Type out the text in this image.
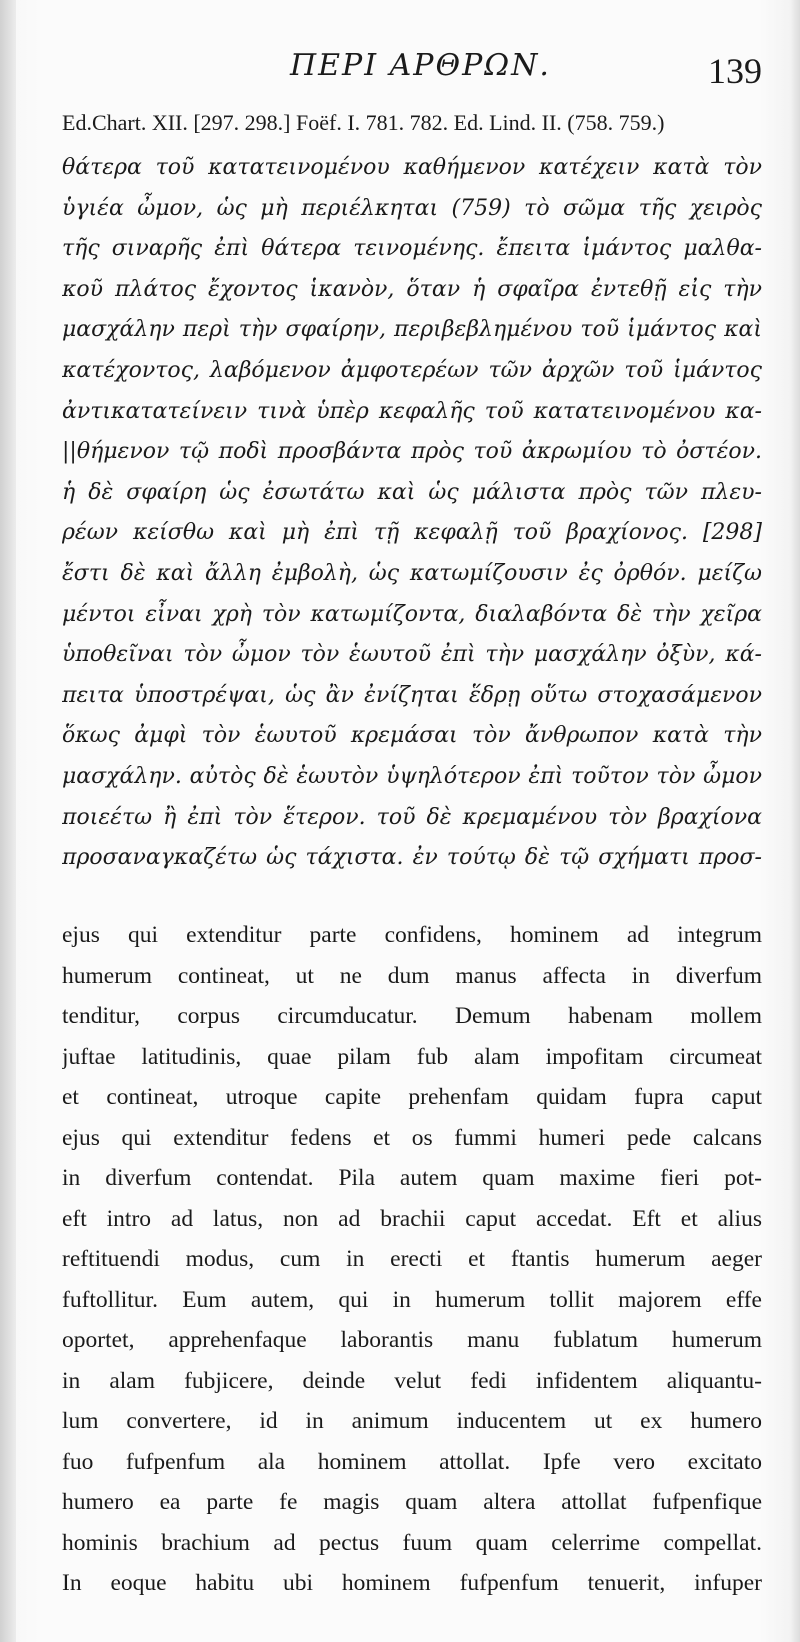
ΠΕΡΙ ΑΡΘΡΩΝ.	139
Ed.Chart. XII. [297. 298.] Foëf. I. 781. 782. Ed. Lind. II. (758. 759.)
θάτερα τοῦ κατατεινομένου καθήμενον κατέχειν κατὰ τὸν
ὑγιέα ὦμον, ὡς μὴ περιέλκηται (759) τὸ σῶμα τῆς χειρὸς
τῆς σιναρῆς ἐπὶ θάτερα τεινομένης. ἔπειτα ἱμάντος μαλθα-
κοῦ πλάτος ἔχοντος ἱκανὸν, ὅταν ἡ σφαῖρα ἐντεθῇ εἰς τὴν
μασχάλην περὶ τὴν σφαίρην, περιβεβλημένου τοῦ ἱμάντος καὶ
κατέχοντος, λαβόμενον ἀμφοτερέων τῶν ἀρχῶν τοῦ ἱμάντος
ἀντικατατείνειν τινὰ ὑπὲρ κεφαλῆς τοῦ κατατεινομένου κα-
||θήμενον τῷ ποδὶ προσβάντα πρὸς τοῦ ἀκρωμίου τὸ ὀστέον.
ἡ δὲ σφαίρη ὡς ἐσωτάτω καὶ ὡς μάλιστα πρὸς τῶν πλευ-
ρέων κείσθω καὶ μὴ ἐπὶ τῇ κεφαλῇ τοῦ βραχίονος. [298]
ἔστι δὲ καὶ ἄλλη ἐμβολὴ, ὡς κατωμίζουσιν ἐς ὀρθόν. μείζω
μέντοι εἶναι χρὴ τὸν κατωμίζοντα, διαλαβόντα δὲ τὴν χεῖρα
ὑποθεῖναι τὸν ὦμον τὸν ἑωυτοῦ ἐπὶ τὴν μασχάλην ὀξὺν, κά-
πειτα ὑποστρέψαι, ὡς ἂν ἐνίζηται ἕδρῃ οὕτω στοχασάμενον
ὅκως ἀμφὶ τὸν ἑωυτοῦ κρεμάσαι τὸν ἄνθρωπον κατὰ τὴν
μασχάλην. αὐτὸς δὲ ἑωυτὸν ὑψηλότερον ἐπὶ τοῦτον τὸν ὦμον
ποιεέτω ἢ ἐπὶ τὸν ἕτερον. τοῦ δὲ κρεμαμένου τὸν βραχίονα
προσαναγκαζέτω ὡς τάχιστα. ἐν τούτῳ δὲ τῷ σχήματι προσ-
ejus qui extenditur parte confidens, hominem ad integrum
humerum contineat, ut ne dum manus affecta in diverfum
tenditur, corpus circumducatur. Demum habenam mollem
juftae latitudinis, quae pilam fub alam impofitam circumeat
et contineat, utroque capite prehenfam quidam fupra caput
ejus qui extenditur fedens et os fummi humeri pede calcans
in diverfum contendat. Pila autem quam maxime fieri pot-
eft intro ad latus, non ad brachii caput accedat. Eft et alius
reftituendi modus, cum in erecti et ftantis humerum aeger
fuftollitur. Eum autem, qui in humerum tollit majorem effe
oportet, apprehenfaque laborantis manu fublatum humerum
in alam fubjicere, deinde velut fedi infidentem aliquantu-
lum convertere, id in animum inducentem ut ex humero
fuo fufpenfum ala hominem attollat. Ipfe vero excitato
humero ea parte fe magis quam altera attollat fufpenfique
hominis brachium ad pectus fuum quam celerrime compellat.
In eoque habitu ubi hominem fufpenfum tenuerit, infuper
